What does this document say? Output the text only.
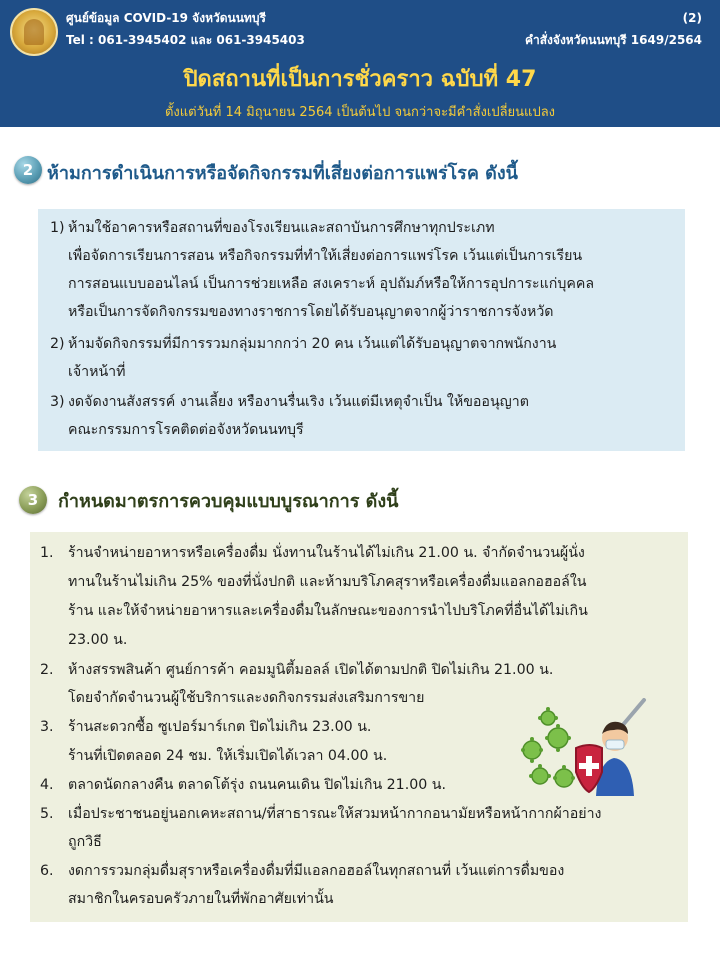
ศูนย์ข้อมูล COVID-19 จังหวัดนนทบุรี
Tel : 061-3945402 และ 061-3945403
(2)
คำสั่งจังหวัดนนทบุรี 1649/2564
ปิดสถานที่เป็นการชั่วคราว ฉบับที่ 47
ตั้งแต่วันที่ 14 มิถุนายน 2564 เป็นต้นไป จนกว่าจะมีคำสั่งเปลี่ยนแปลง
2 ห้ามการดำเนินการหรือจัดกิจกรรมที่เสี่ยงต่อการแพร่โรค ดังนี้
1) ห้ามใช้อาคารหรือสถานที่ของโรงเรียนและสถาบันการศึกษาทุกประเภท
เพื่อจัดการเรียนการสอน หรือกิจกรรมที่ทำให้เสี่ยงต่อการแพร่โรค เว้นแต่เป็นการเรียน
การสอนแบบออนไลน์ เป็นการช่วยเหลือ สงเคราะห์ อุปถัมภ์หรือให้การอุปการะแก่บุคคล
หรือเป็นการจัดกิจกรรมของทางราชการโดยได้รับอนุญาตจากผู้ว่าราชการจังหวัด
2) ห้ามจัดกิจกรรมที่มีการรวมกลุ่มมากกว่า 20 คน เว้นแต่ได้รับอนุญาตจากพนักงาน
เจ้าหน้าที่
3) งดจัดงานสังสรรค์ งานเลี้ยง หรืองานรื่นเริง เว้นแต่มีเหตุจำเป็น ให้ขออนุญาต
คณะกรรมการโรคติดต่อจังหวัดนนทบุรี
3	กำหนดมาตรการควบคุมแบบบูรณาการ ดังนี้
1. ร้านจำหน่ายอาหารหรือเครื่องดื่ม นั่งทานในร้านได้ไม่เกิน 21.00 น. จำกัดจำนวนผู้นั่ง
ทานในร้านไม่เกิน 25% ของที่นั่งปกติ และห้ามบริโภคสุราหรือเครื่องดื่มแอลกอฮอล์ใน
ร้าน และให้จำหน่ายอาหารและเครื่องดื่มในลักษณะของการนำไปบริโภคที่อื่นได้ไม่เกิน
23.00 น.
2. ห้างสรรพสินค้า ศูนย์การค้า คอมมูนิตี้มอลล์ เปิดได้ตามปกติ ปิดไม่เกิน 21.00 น.
โดยจำกัดจำนวนผู้ใช้บริการและงดกิจกรรมส่งเสริมการขาย
3. ร้านสะดวกซื้อ ซูเปอร์มาร์เกต ปิดไม่เกิน 23.00 น.
ร้านที่เปิดตลอด 24 ชม. ให้เริ่มเปิดได้เวลา 04.00 น.
4. ตลาดนัดกลางคืน ตลาดโต้รุ่ง ถนนคนเดิน ปิดไม่เกิน 21.00 น.
5. เมื่อประชาชนอยู่นอกเคหะสถาน/ที่สาธารณะให้สวมหน้ากากอนามัยหรือหน้ากากผ้าอย่าง
ถูกวิธี
6. งดการรวมกลุ่มดื่มสุราหรือเครื่องดื่มที่มีแอลกอฮอล์ในทุกสถานที่ เว้นแต่การดื่มของ
สมาชิกในครอบครัวภายในที่พักอาศัยเท่านั้น
